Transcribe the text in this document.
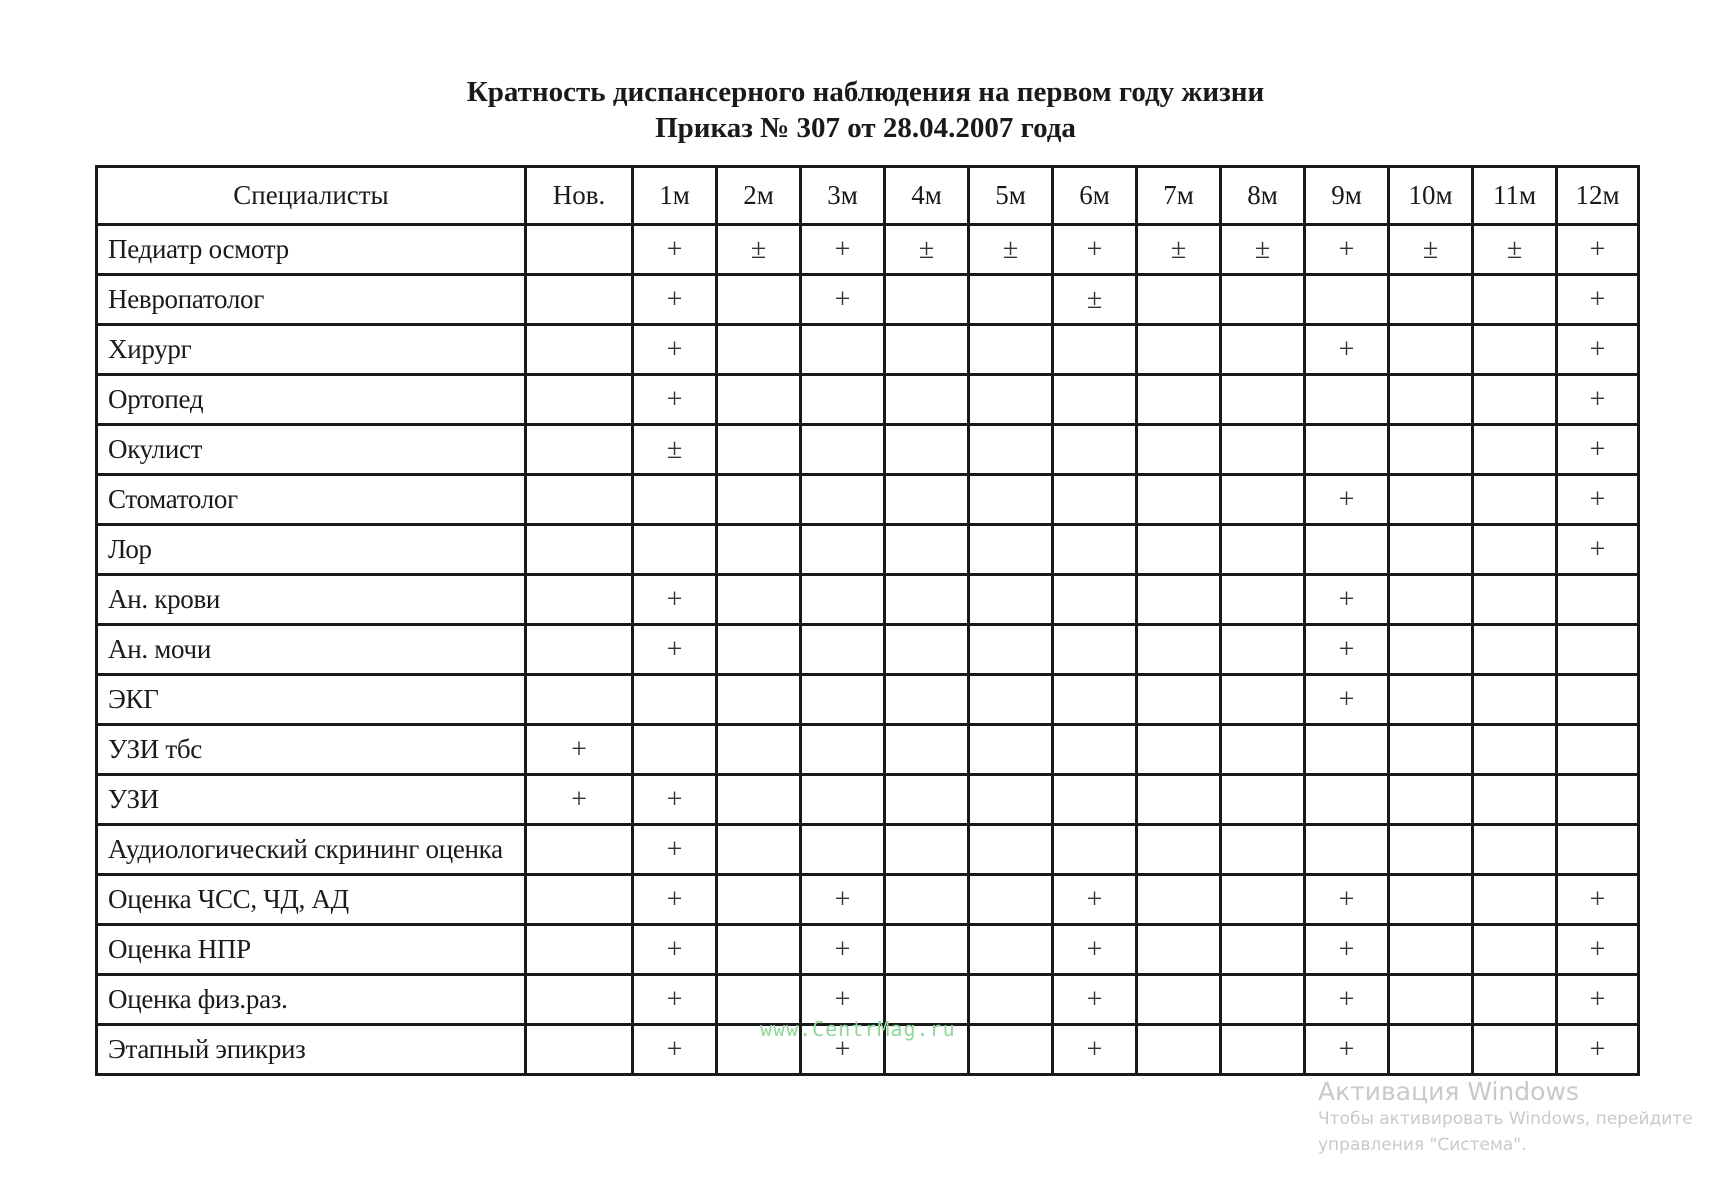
Кратность диспансерного наблюдения на первом году жизни
Приказ № 307 от 28.04.2007 года
Специалисты	Нов.	1м	2м	3м	4м	5м	6м	7м	8м	9м	10м	11м	12м
Педиатр осмотр		+	±	+	±	±	+	±	±	+	±	±	+
Невропатолог		+		+			±						+
Хирург		+								+			+
Ортопед		+											+
Окулист		±											+
Стоматолог										+			+
Лор													+
Ан. крови		+								+			
Ан. мочи		+								+			
ЭКГ										+			
УЗИ тбс	+												
УЗИ	+	+											
Аудиологический скрининг оценка		+											
Оценка ЧСС, ЧД, АД		+		+			+			+			+
Оценка НПР		+		+			+			+			+
Оценка физ.раз.		+		+			+			+			+
Этапный эпикриз		+		+			+			+			+
www.CentrMag.ru
Активация Windows
Чтобы активировать Windows, перейдите
управления "Система".
